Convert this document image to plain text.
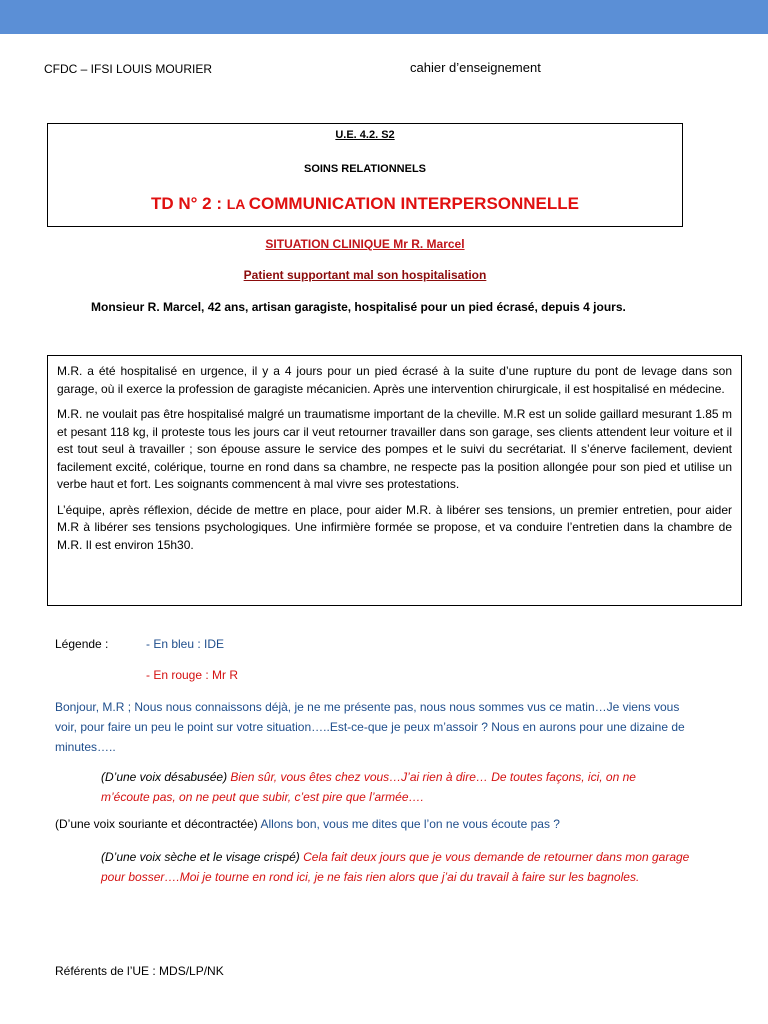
CFDC – IFSI LOUIS MOURIER	cahier d’enseignement
U.E. 4.2. S2
SOINS RELATIONNELS
TD N° 2 : LA COMMUNICATION INTERPERSONNELLE
SITUATION CLINIQUE Mr R. Marcel
Patient supportant mal son hospitalisation
Monsieur R. Marcel, 42 ans, artisan garagiste, hospitalisé pour un pied écrasé, depuis 4 jours.

M.R. a été hospitalisé en urgence, il y a 4 jours pour un pied écrasé à la suite d’une rupture du pont de levage dans son garage, où il exerce la profession de garagiste mécanicien. Après une intervention chirurgicale, il est hospitalisé en médecine.

M.R. ne voulait pas être hospitalisé malgré un traumatisme important de la cheville. M.R est un solide gaillard mesurant 1.85 m et pesant 118 kg, il proteste tous les jours car il veut retourner travailler dans son garage, ses clients attendent leur voiture et il est tout seul à travailler ; son épouse assure le service des pompes et le suivi du secrétariat. Il s’énerve facilement, devient facilement excité, colérique, tourne en rond dans sa chambre, ne respecte pas la position allongée pour son pied et utilise un verbe haut et fort. Les soignants commencent à mal vivre ses protestations.

L’équipe, après réflexion, décide de mettre en place, pour aider M.R. à libérer ses tensions, un premier entretien, pour aider M.R à libérer ses tensions psychologiques. Une infirmière formée se propose, et va conduire l’entretien dans la chambre de M.R. Il est environ 15h30.

Légende :	- En bleu : IDE
- En rouge : Mr R
Bonjour, M.R ; Nous nous connaissons déjà, je ne me présente pas, nous nous sommes vus ce matin…Je viens vous voir, pour faire un peu le point sur votre situation…..Est-ce-que je peux m’assoir ? Nous en aurons pour une dizaine de minutes…..
(D’une voix désabusée) Bien sûr, vous êtes chez vous…J’ai rien à dire… De toutes façons, ici, on ne m’écoute pas, on ne peut que subir, c’est pire que l’armée….
(D’une voix souriante et décontractée) Allons bon, vous me dites que l’on ne vous écoute pas ?
(D’une voix sèche et le visage crispé) Cela fait deux jours que je vous demande de retourner dans mon garage pour bosser….Moi je tourne en rond ici, je ne fais rien alors que j’ai du travail à faire sur les bagnoles.
Référents de l’UE : MDS/LP/NK
